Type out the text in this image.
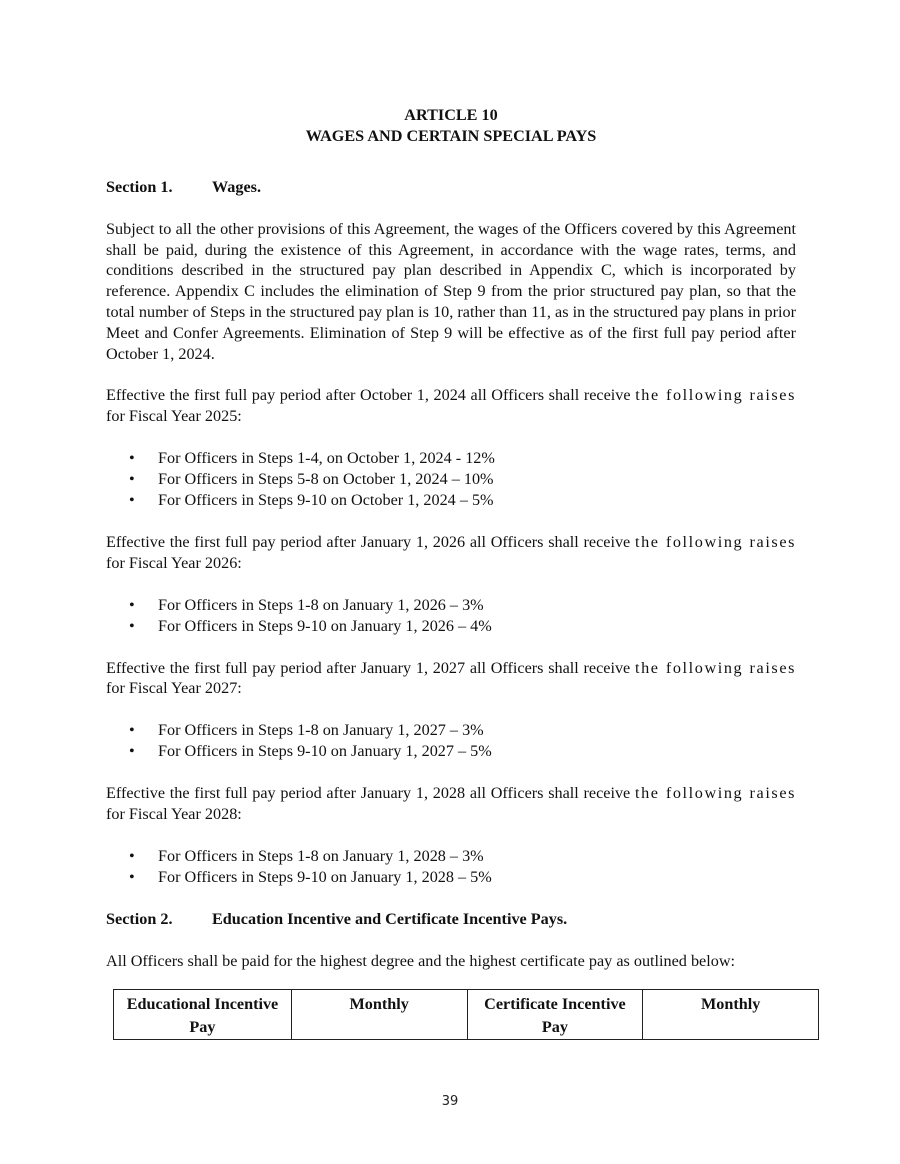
ARTICLE 10
WAGES AND CERTAIN SPECIAL PAYS
Section 1.	Wages.

Subject to all the other provisions of this Agreement, the wages of the Officers covered by this Agreement shall be paid, during the existence of this Agreement, in accordance with the wage rates, terms, and conditions described in the structured pay plan described in Appendix C, which is incorporated by reference. Appendix C includes the elimination of Step 9 from the prior structured pay plan, so that the total number of Steps in the structured pay plan is 10, rather than 11, as in the structured pay plans in prior Meet and Confer Agreements. Elimination of Step 9 will be effective as of the first full pay period after October 1, 2024.

Effective the first full pay period after October 1, 2024 all Officers shall receive the following raises for Fiscal Year 2025:

• For Officers in Steps 1-4, on October 1, 2024 - 12%
• For Officers in Steps 5-8 on October 1, 2024 – 10%
• For Officers in Steps 9-10 on October 1, 2024 – 5%

Effective the first full pay period after January 1, 2026 all Officers shall receive the following raises for Fiscal Year 2026:

• For Officers in Steps 1-8 on January 1, 2026 – 3%
• For Officers in Steps 9-10 on January 1, 2026 – 4%

Effective the first full pay period after January 1, 2027 all Officers shall receive the following raises for Fiscal Year 2027:

• For Officers in Steps 1-8 on January 1, 2027 – 3%
• For Officers in Steps 9-10 on January 1, 2027 – 5%

Effective the first full pay period after January 1, 2028 all Officers shall receive the following raises for Fiscal Year 2028:

• For Officers in Steps 1-8 on January 1, 2028 – 3%
• For Officers in Steps 9-10 on January 1, 2028 – 5%
Section 2.	Education Incentive and Certificate Incentive Pays.

All Officers shall be paid for the highest degree and the highest certificate pay as outlined below:

Educational Incentive Pay	Monthly	Certificate Incentive Pay	Monthly
39
